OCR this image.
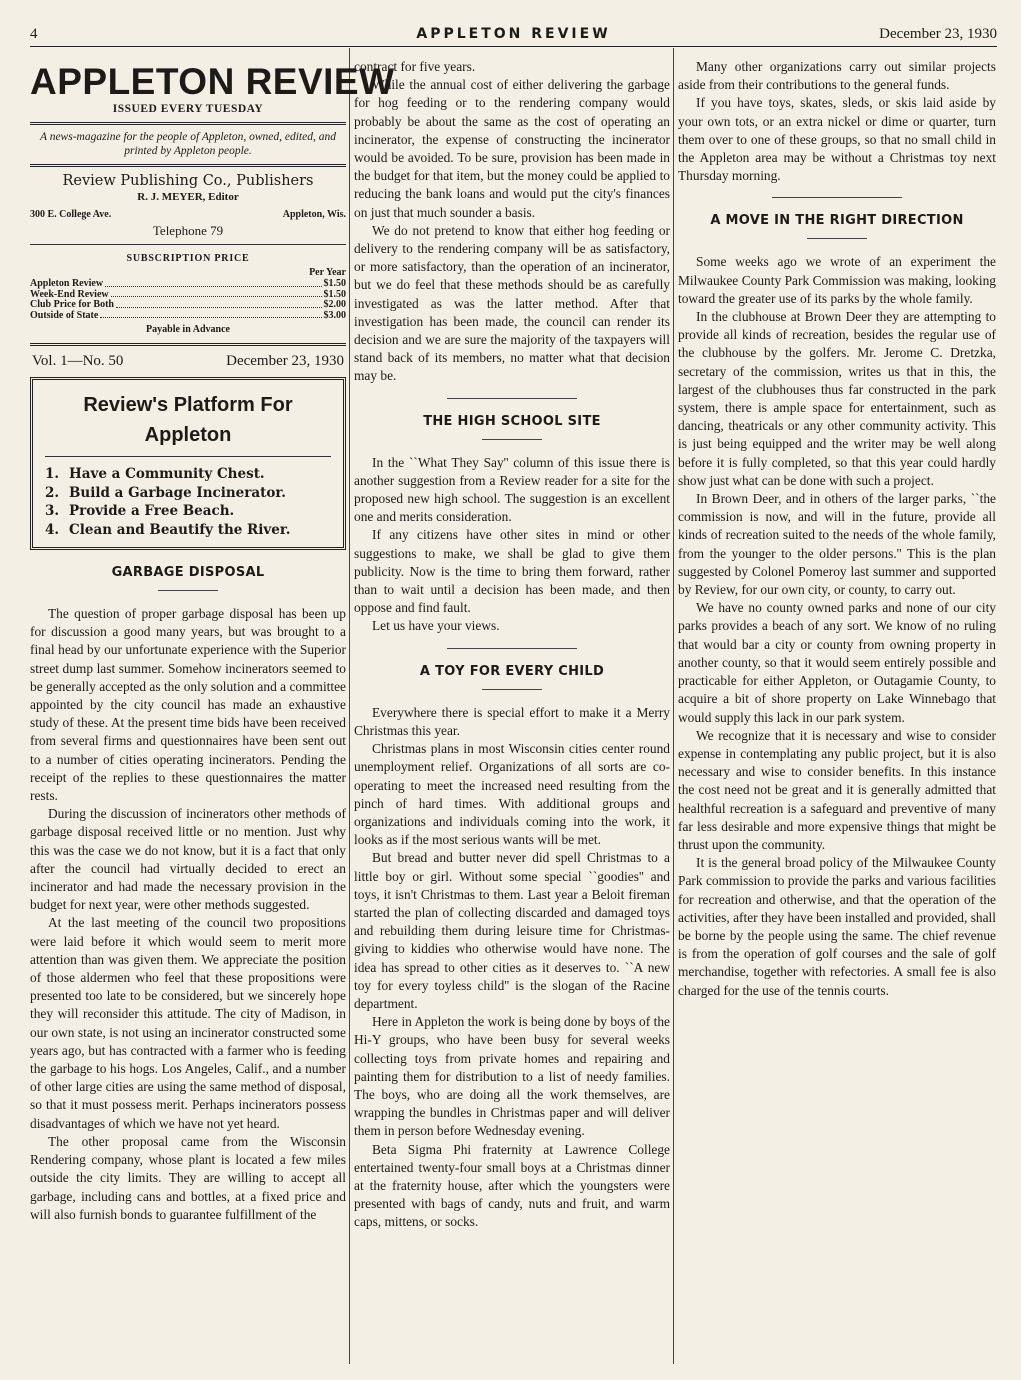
4	APPLETON REVIEW	December 23, 1930
APPLETON REVIEW
ISSUED EVERY TUESDAY
A news-magazine for the people of Appleton, owned, edited, and printed by Appleton people.
Review Publishing Co., Publishers
R. J. MEYER, Editor
300 E. College Ave.	Appleton, Wis.
Telephone 79
SUBSCRIPTION PRICE
Per Year
Appleton Review	$1.50
Week-End Review	$1.50
Club Price for Both	$2.00
Outside of State	$3.00
Payable in Advance
Vol. 1—No. 50	December 23, 1930
Review's Platform For
Appleton
1. Have a Community Chest.
2. Build a Garbage Incinerator.
3. Provide a Free Beach.
4. Clean and Beautify the River.
GARBAGE DISPOSAL

The question of proper garbage disposal has been up for discussion a good many years, but was brought to a final head by our unfortunate experience with the Superior street dump last summer. Somehow incinerators seemed to be generally accepted as the only solution and a committee appointed by the city council has made an exhaustive study of these. At the present time bids have been received from several firms and questionnaires have been sent out to a number of cities operating incinerators. Pending the receipt of the replies to these questionnaires the matter rests.

During the discussion of incinerators other methods of garbage disposal received little or no mention. Just why this was the case we do not know, but it is a fact that only after the council had virtually decided to erect an incinerator and had made the necessary provision in the budget for next year, were other methods suggested.

At the last meeting of the council two propositions were laid before it which would seem to merit more attention than was given them. We appreciate the position of those aldermen who feel that these propositions were presented too late to be considered, but we sincerely hope they will reconsider this attitude. The city of Madison, in our own state, is not using an incinerator constructed some years ago, but has contracted with a farmer who is feeding the garbage to his hogs. Los Angeles, Calif., and a number of other large cities are using the same method of disposal, so that it must possess merit. Perhaps incinerators possess disadvantages of which we have not yet heard.

The other proposal came from the Wisconsin Rendering company, whose plant is located a few miles outside the city limits. They are willing to accept all garbage, including cans and bottles, at a fixed price and will also furnish bonds to guarantee fulfillment of the

contract for five years.

While the annual cost of either delivering the garbage for hog feeding or to the rendering company would probably be about the same as the cost of operating an incinerator, the expense of constructing the incinerator would be avoided. To be sure, provision has been made in the budget for that item, but the money could be applied to reducing the bank loans and would put the city's finances on just that much sounder a basis.

We do not pretend to know that either hog feeding or delivery to the rendering company will be as satisfactory, or more satisfactory, than the operation of an incinerator, but we do feel that these methods should be as carefully investigated as was the latter method. After that investigation has been made, the council can render its decision and we are sure the majority of the taxpayers will stand back of its members, no matter what that decision may be.

THE HIGH SCHOOL SITE

In the ``What They Say'' column of this issue there is another suggestion from a Review reader for a site for the proposed new high school. The suggestion is an excellent one and merits consideration.

If any citizens have other sites in mind or other suggestions to make, we shall be glad to give them publicity. Now is the time to bring them forward, rather than to wait until a decision has been made, and then oppose and find fault.

Let us have your views.

A TOY FOR EVERY CHILD

Everywhere there is special effort to make it a Merry Christmas this year.

Christmas plans in most Wisconsin cities center round unemployment relief. Organizations of all sorts are co-operating to meet the increased need resulting from the pinch of hard times. With additional groups and organizations and individuals coming into the work, it looks as if the most serious wants will be met.

But bread and butter never did spell Christmas to a little boy or girl. Without some special ``goodies'' and toys, it isn't Christmas to them. Last year a Beloit fireman started the plan of collecting discarded and damaged toys and rebuilding them during leisure time for Christmas-giving to kiddies who otherwise would have none. The idea has spread to other cities as it deserves to. ``A new toy for every toyless child'' is the slogan of the Racine department.

Here in Appleton the work is being done by boys of the Hi-Y groups, who have been busy for several weeks collecting toys from private homes and repairing and painting them for distribution to a list of needy families. The boys, who are doing all the work themselves, are wrapping the bundles in Christmas paper and will deliver them in person before Wednesday evening.

Beta Sigma Phi fraternity at Lawrence College entertained twenty-four small boys at a Christmas dinner at the fraternity house, after which the youngsters were presented with bags of candy, nuts and fruit, and warm caps, mittens, or socks.

Many other organizations carry out similar projects aside from their contributions to the general funds.

If you have toys, skates, sleds, or skis laid aside by your own tots, or an extra nickel or dime or quarter, turn them over to one of these groups, so that no small child in the Appleton area may be without a Christmas toy next Thursday morning.

A MOVE IN THE RIGHT DIRECTION

Some weeks ago we wrote of an experiment the Milwaukee County Park Commission was making, looking toward the greater use of its parks by the whole family.

In the clubhouse at Brown Deer they are attempting to provide all kinds of recreation, besides the regular use of the clubhouse by the golfers. Mr. Jerome C. Dretzka, secretary of the commission, writes us that in this, the largest of the clubhouses thus far constructed in the park system, there is ample space for entertainment, such as dancing, theatricals or any other community activity. This is just being equipped and the writer may be well along before it is fully completed, so that this year could hardly show just what can be done with such a project.

In Brown Deer, and in others of the larger parks, ``the commission is now, and will in the future, provide all kinds of recreation suited to the needs of the whole family, from the younger to the older persons.'' This is the plan suggested by Colonel Pomeroy last summer and supported by Review, for our own city, or county, to carry out.

We have no county owned parks and none of our city parks provides a beach of any sort. We know of no ruling that would bar a city or county from owning property in another county, so that it would seem entirely possible and practicable for either Appleton, or Outagamie County, to acquire a bit of shore property on Lake Winnebago that would supply this lack in our park system.

We recognize that it is necessary and wise to consider expense in contemplating any public project, but it is also necessary and wise to consider benefits. In this instance the cost need not be great and it is generally admitted that healthful recreation is a safeguard and preventive of many far less desirable and more expensive things that might be thrust upon the community.

It is the general broad policy of the Milwaukee County Park commission to provide the parks and various facilities for recreation and otherwise, and that the operation of the activities, after they have been installed and provided, shall be borne by the people using the same. The chief revenue is from the operation of golf courses and the sale of golf merchandise, together with refectories. A small fee is also charged for the use of the tennis courts.
